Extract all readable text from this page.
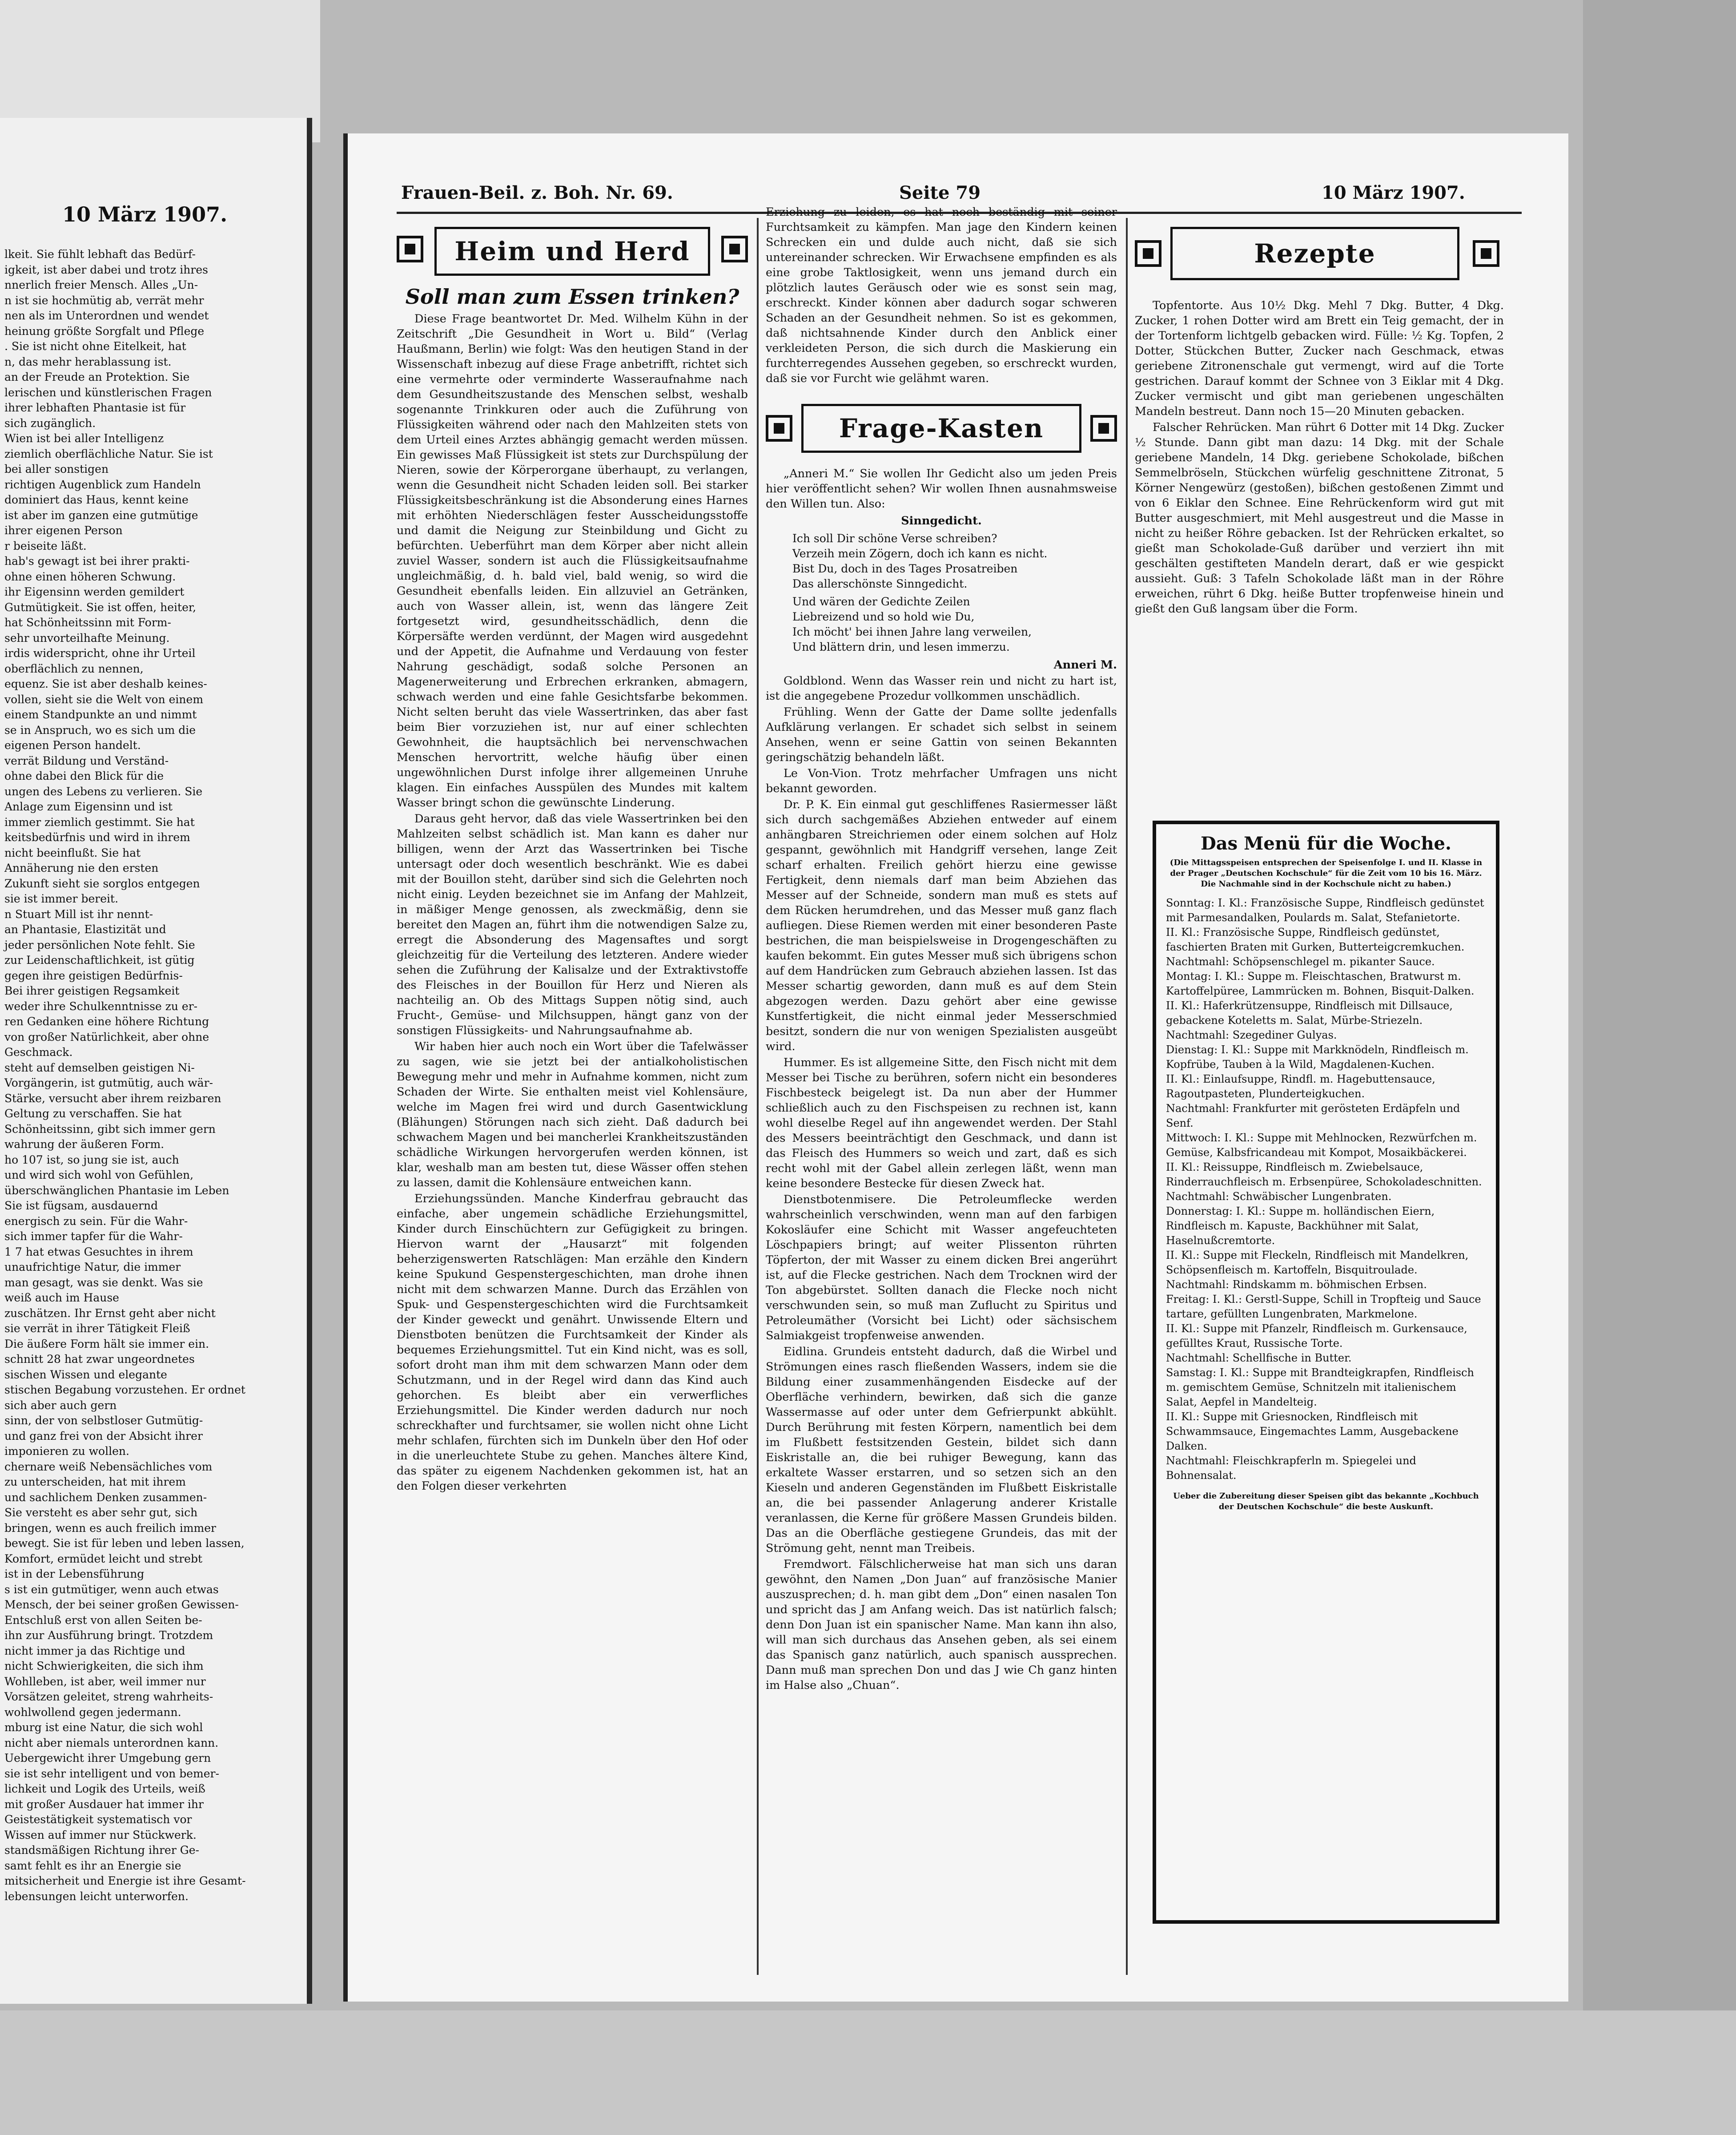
10 März 1907.
lkeit. Sie fühlt lebhaft das Bedürf-
igkeit, ist aber dabei und trotz ihres
nnerlich freier Mensch. Alles „Un-
n ist sie hochmütig ab, verrät mehr
nen als im Unterordnen und wendet
heinung größte Sorgfalt und Pflege
. Sie ist nicht ohne Eitelkeit, hat
n, das mehr herablassung ist.
an der Freude an Protektion. Sie
lerischen und künstlerischen Fragen
ihrer lebhaften Phantasie ist für
sich zugänglich.
Wien ist bei aller Intelligenz
ziemlich oberflächliche Natur. Sie ist
bei aller sonstigen
richtigen Augenblick zum Handeln
dominiert das Haus, kennt keine
ist aber im ganzen eine gutmütige
ihrer eigenen Person
r beiseite läßt.
hab's gewagt ist bei ihrer prakti-
ohne einen höheren Schwung.
ihr Eigensinn werden gemildert
Gutmütigkeit. Sie ist offen, heiter,
hat Schönheitssinn mit Form-
sehr unvorteilhafte Meinung.
irdis widerspricht, ohne ihr Urteil
oberflächlich zu nennen,
equenz. Sie ist aber deshalb keines-
vollen, sieht sie die Welt von einem
einem Standpunkte an und nimmt
se in Anspruch, wo es sich um die
eigenen Person handelt.
verrät Bildung und Verständ-
ohne dabei den Blick für die
ungen des Lebens zu verlieren. Sie
Anlage zum Eigensinn und ist
immer ziemlich gestimmt. Sie hat
keitsbedürfnis und wird in ihrem
nicht beeinflußt. Sie hat
Annäherung nie den ersten
Zukunft sieht sie sorglos entgegen
sie ist immer bereit.
n Stuart Mill ist ihr nennt-
an Phantasie, Elastizität und
jeder persönlichen Note fehlt. Sie
zur Leidenschaftlichkeit, ist gütig
gegen ihre geistigen Bedürfnis-
Bei ihrer geistigen Regsamkeit
weder ihre Schulkenntnisse zu er-
ren Gedanken eine höhere Richtung
von großer Natürlichkeit, aber ohne
Geschmack.
steht auf demselben geistigen Ni-
Vorgängerin, ist gutmütig, auch wär-
Stärke, versucht aber ihrem reizbaren
Geltung zu verschaffen. Sie hat
Schönheitssinn, gibt sich immer gern
wahrung der äußeren Form.
ho 107 ist, so jung sie ist, auch
und wird sich wohl von Gefühlen,
überschwänglichen Phantasie im Leben
Sie ist fügsam, ausdauernd
energisch zu sein. Für die Wahr-
sich immer tapfer für die Wahr-
1 7 hat etwas Gesuchtes in ihrem
unaufrichtige Natur, die immer
man gesagt, was sie denkt. Was sie
weiß auch im Hause
zuschätzen. Ihr Ernst geht aber nicht
sie verrät in ihrer Tätigkeit Fleiß
Die äußere Form hält sie immer ein.
schnitt 28 hat zwar ungeordnetes
sischen Wissen und elegante
stischen Begabung vorzustehen. Er ordnet
sich aber auch gern
sinn, der von selbstloser Gutmütig-
und ganz frei von der Absicht ihrer
imponieren zu wollen.
chernare weiß Nebensächliches vom
zu unterscheiden, hat mit ihrem
und sachlichem Denken zusammen-
Sie versteht es aber sehr gut, sich
bringen, wenn es auch freilich immer
bewegt. Sie ist für leben und leben lassen,
Komfort, ermüdet leicht und strebt
ist in der Lebensführung
s ist ein gutmütiger, wenn auch etwas
Mensch, der bei seiner großen Gewissen-
Entschluß erst von allen Seiten be-
ihn zur Ausführung bringt. Trotzdem
nicht immer ja das Richtige und
nicht Schwierigkeiten, die sich ihm
Wohlleben, ist aber, weil immer nur
Vorsätzen geleitet, streng wahrheits-
wohlwollend gegen jedermann.
mburg ist eine Natur, die sich wohl
nicht aber niemals unterordnen kann.
Uebergewicht ihrer Umgebung gern
sie ist sehr intelligent und von bemer-
lichkeit und Logik des Urteils, weiß
mit großer Ausdauer hat immer ihr
Geistestätigkeit systematisch vor
Wissen auf immer nur Stückwerk.
standsmäßigen Richtung ihrer Ge-
samt fehlt es ihr an Energie sie
mitsicherheit und Energie ist ihre Gesamt-
lebensungen leicht unterworfen.
Frauen-Beil. z. Boh. Nr. 69.	Seite 79	10 März 1907.
Heim und Herd
Soll man zum Essen trinken?

Diese Frage beantwortet Dr. Med. Wilhelm Kühn in der Zeitschrift „Die Gesundheit in Wort u. Bild“ (Verlag Haußmann, Berlin) wie folgt: Was den heutigen Stand in der Wissenschaft inbezug auf diese Frage anbetrifft, richtet sich eine vermehrte oder verminderte Wasseraufnahme nach dem Gesundheitszustande des Menschen selbst, weshalb sogenannte Trinkkuren oder auch die Zuführung von Flüssigkeiten während oder nach den Mahlzeiten stets von dem Urteil eines Arztes abhängig gemacht werden müssen. Ein gewisses Maß Flüssigkeit ist stets zur Durchspülung der Nieren, sowie der Körperorgane überhaupt, zu verlangen, wenn die Gesundheit nicht Schaden leiden soll. Bei starker Flüssigkeitsbeschränkung ist die Absonderung eines Harnes mit erhöhten Niederschlägen fester Ausscheidungsstoffe und damit die Neigung zur Steinbildung und Gicht zu befürchten. Ueberführt man dem Körper aber nicht allein zuviel Wasser, sondern ist auch die Flüssigkeitsaufnahme ungleichmäßig, d. h. bald viel, bald wenig, so wird die Gesundheit ebenfalls leiden. Ein allzuviel an Getränken, auch von Wasser allein, ist, wenn das längere Zeit fortgesetzt wird, gesundheitsschädlich, denn die Körpersäfte werden verdünnt, der Magen wird ausgedehnt und der Appetit, die Aufnahme und Verdauung von fester Nahrung geschädigt, sodaß solche Personen an Magenerweiterung und Erbrechen erkranken, abmagern, schwach werden und eine fahle Gesichtsfarbe bekommen. Nicht selten beruht das viele Wassertrinken, das aber fast beim Bier vorzuziehen ist, nur auf einer schlechten Gewohnheit, die hauptsächlich bei nervenschwachen Menschen hervortritt, welche häufig über einen ungewöhnlichen Durst infolge ihrer allgemeinen Unruhe klagen. Ein einfaches Ausspülen des Mundes mit kaltem Wasser bringt schon die gewünschte Linderung.

Daraus geht hervor, daß das viele Wassertrinken bei den Mahlzeiten selbst schädlich ist. Man kann es daher nur billigen, wenn der Arzt das Wassertrinken bei Tische untersagt oder doch wesentlich beschränkt. Wie es dabei mit der Bouillon steht, darüber sind sich die Gelehrten noch nicht einig. Leyden bezeichnet sie im Anfang der Mahlzeit, in mäßiger Menge genossen, als zweckmäßig, denn sie bereitet den Magen an, führt ihm die notwendigen Salze zu, erregt die Absonderung des Magensaftes und sorgt gleichzeitig für die Verteilung des letzteren. Andere wieder sehen die Zuführung der Kalisalze und der Extraktivstoffe des Fleisches in der Bouillon für Herz und Nieren als nachteilig an. Ob des Mittags Suppen nötig sind, auch Frucht-, Gemüse- und Milchsuppen, hängt ganz von der sonstigen Flüssigkeits- und Nahrungsaufnahme ab.

Wir haben hier auch noch ein Wort über die Tafelwässer zu sagen, wie sie jetzt bei der antialkoholistischen Bewegung mehr und mehr in Aufnahme kommen, nicht zum Schaden der Wirte. Sie enthalten meist viel Kohlensäure, welche im Magen frei wird und durch Gasentwicklung (Blähungen) Störungen nach sich zieht. Daß dadurch bei schwachem Magen und bei mancherlei Krankheitszuständen schädliche Wirkungen hervorgerufen werden können, ist klar, weshalb man am besten tut, diese Wässer offen stehen zu lassen, damit die Kohlensäure entweichen kann.

Erziehungssünden. Manche Kinderfrau gebraucht das einfache, aber ungemein schädliche Erziehungsmittel, Kinder durch Einschüchtern zur Gefügigkeit zu bringen. Hiervon warnt der „Hausarzt“ mit folgenden beherzigenswerten Ratschlägen: Man erzähle den Kindern keine Spukund Gespenstergeschichten, man drohe ihnen nicht mit dem schwarzen Manne. Durch das Erzählen von Spuk- und Gespenstergeschichten wird die Furchtsamkeit der Kinder geweckt und genährt. Unwissende Eltern und Dienstboten benützen die Furchtsamkeit der Kinder als bequemes Erziehungsmittel. Tut ein Kind nicht, was es soll, sofort droht man ihm mit dem schwarzen Mann oder dem Schutzmann, und in der Regel wird dann das Kind auch gehorchen. Es bleibt aber ein verwerfliches Erziehungsmittel. Die Kinder werden dadurch nur noch schreckhafter und furchtsamer, sie wollen nicht ohne Licht mehr schlafen, fürchten sich im Dunkeln über den Hof oder in die unerleuchtete Stube zu gehen. Manches ältere Kind, das später zu eigenem Nachdenken gekommen ist, hat an den Folgen dieser verkehrten

Erziehung zu leiden, es hat noch beständig mit seiner Furchtsamkeit zu kämpfen. Man jage den Kindern keinen Schrecken ein und dulde auch nicht, daß sie sich untereinander schrecken. Wir Erwachsene empfinden es als eine grobe Taktlosigkeit, wenn uns jemand durch ein plötzlich lautes Geräusch oder wie es sonst sein mag, erschreckt. Kinder können aber dadurch sogar schweren Schaden an der Gesundheit nehmen. So ist es gekommen, daß nichtsahnende Kinder durch den Anblick einer verkleideten Person, die sich durch die Maskierung ein furchterregendes Aussehen gegeben, so erschreckt wurden, daß sie vor Furcht wie gelähmt waren.

Frage-Kasten

„Anneri M.“ Sie wollen Ihr Gedicht also um jeden Preis hier veröffentlicht sehen? Wir wollen Ihnen ausnahmsweise den Willen tun. Also:

Sinngedicht.
Ich soll Dir schöne Verse schreiben?
Verzeih mein Zögern, doch ich kann es nicht.
Bist Du, doch in des Tages Prosatreiben
Das allerschönste Sinngedicht.
Und wären der Gedichte Zeilen
Liebreizend und so hold wie Du,
Ich möcht' bei ihnen Jahre lang verweilen,
Und blättern drin, und lesen immerzu.

Anneri M.

Goldblond. Wenn das Wasser rein und nicht zu hart ist, ist die angegebene Prozedur vollkommen unschädlich.

Frühling. Wenn der Gatte der Dame sollte jedenfalls Aufklärung verlangen. Er schadet sich selbst in seinem Ansehen, wenn er seine Gattin von seinen Bekannten geringschätzig behandeln läßt.

Le Von-Vion. Trotz mehrfacher Umfragen uns nicht bekannt geworden.

Dr. P. K. Ein einmal gut geschliffenes Rasiermesser läßt sich durch sachgemäßes Abziehen entweder auf einem anhängbaren Streichriemen oder einem solchen auf Holz gespannt, gewöhnlich mit Handgriff versehen, lange Zeit scharf erhalten. Freilich gehört hierzu eine gewisse Fertigkeit, denn niemals darf man beim Abziehen das Messer auf der Schneide, sondern man muß es stets auf dem Rücken herumdrehen, und das Messer muß ganz flach aufliegen. Diese Riemen werden mit einer besonderen Paste bestrichen, die man beispielsweise in Drogengeschäften zu kaufen bekommt. Ein gutes Messer muß sich übrigens schon auf dem Handrücken zum Gebrauch abziehen lassen. Ist das Messer schartig geworden, dann muß es auf dem Stein abgezogen werden. Dazu gehört aber eine gewisse Kunstfertigkeit, die nicht einmal jeder Messerschmied besitzt, sondern die nur von wenigen Spezialisten ausgeübt wird.

Hummer. Es ist allgemeine Sitte, den Fisch nicht mit dem Messer bei Tische zu berühren, sofern nicht ein besonderes Fischbesteck beigelegt ist. Da nun aber der Hummer schließlich auch zu den Fischspeisen zu rechnen ist, kann wohl dieselbe Regel auf ihn angewendet werden. Der Stahl des Messers beeinträchtigt den Geschmack, und dann ist das Fleisch des Hummers so weich und zart, daß es sich recht wohl mit der Gabel allein zerlegen läßt, wenn man keine besondere Bestecke für diesen Zweck hat.

Dienstbotenmisere. Die Petroleumflecke werden wahrscheinlich verschwinden, wenn man auf den farbigen Kokosläufer eine Schicht mit Wasser angefeuchteten Löschpapiers bringt; auf weiter Plissenton rührten Töpferton, der mit Wasser zu einem dicken Brei angerührt ist, auf die Flecke gestrichen. Nach dem Trocknen wird der Ton abgebürstet. Sollten danach die Flecke noch nicht verschwunden sein, so muß man Zuflucht zu Spiritus und Petroleumäther (Vorsicht bei Licht) oder sächsischem Salmiakgeist tropfenweise anwenden.

Eidlina. Grundeis entsteht dadurch, daß die Wirbel und Strömungen eines rasch fließenden Wassers, indem sie die Bildung einer zusammenhängenden Eisdecke auf der Oberfläche verhindern, bewirken, daß sich die ganze Wassermasse auf oder unter dem Gefrierpunkt abkühlt. Durch Berührung mit festen Körpern, namentlich bei dem im Flußbett festsitzenden Gestein, bildet sich dann Eiskristalle an, die bei ruhiger Bewegung, kann das erkaltete Wasser erstarren, und so setzen sich an den Kieseln und anderen Gegenständen im Flußbett Eiskristalle an, die bei passender Anlagerung anderer Kristalle veranlassen, die Kerne für größere Massen Grundeis bilden. Das an die Oberfläche gestiegene Grundeis, das mit der Strömung geht, nennt man Treibeis.

Fremdwort. Fälschlicherweise hat man sich uns daran gewöhnt, den Namen „Don Juan“ auf französische Manier auszusprechen; d. h. man gibt dem „Don“ einen nasalen Ton und spricht das J am Anfang weich. Das ist natürlich falsch; denn Don Juan ist ein spanischer Name. Man kann ihn also, will man sich durchaus das Ansehen geben, als sei einem das Spanisch ganz natürlich, auch spanisch aussprechen. Dann muß man sprechen Don und das J wie Ch ganz hinten im Halse also „Chuan“.

Rezepte

Topfentorte. Aus 10½ Dkg. Mehl 7 Dkg. Butter, 4 Dkg. Zucker, 1 rohen Dotter wird am Brett ein Teig gemacht, der in der Tortenform lichtgelb gebacken wird. Fülle: ½ Kg. Topfen, 2 Dotter, Stückchen Butter, Zucker nach Geschmack, etwas geriebene Zitronenschale gut vermengt, wird auf die Torte gestrichen. Darauf kommt der Schnee von 3 Eiklar mit 4 Dkg. Zucker vermischt und gibt man geriebenen ungeschälten Mandeln bestreut. Dann noch 15—20 Minuten gebacken.

Falscher Rehrücken. Man rührt 6 Dotter mit 14 Dkg. Zucker ½ Stunde. Dann gibt man dazu: 14 Dkg. mit der Schale geriebene Mandeln, 14 Dkg. geriebene Schokolade, bißchen Semmelbröseln, Stückchen würfelig geschnittene Zitronat, 5 Körner Nengewürz (gestoßen), bißchen gestoßenen Zimmt und von 6 Eiklar den Schnee. Eine Rehrückenform wird gut mit Butter ausgeschmiert, mit Mehl ausgestreut und die Masse in nicht zu heißer Röhre gebacken. Ist der Rehrücken erkaltet, so gießt man Schokolade-Guß darüber und verziert ihn mit geschälten gestifteten Mandeln derart, daß er wie gespickt aussieht. Guß: 3 Tafeln Schokolade läßt man in der Röhre erweichen, rührt 6 Dkg. heiße Butter tropfenweise hinein und gießt den Guß langsam über die Form.

Das Menü für die Woche.
(Die Mittagsspeisen entsprechen der Speisenfolge I. und II. Klasse in der Prager „Deutschen Kochschule“ für die Zeit vom 10 bis 16. März. Die Nachmahle sind in der Kochschule nicht zu haben.)

Sonntag: I. Kl.: Französische Suppe, Rindfleisch gedünstet mit Parmesandalken, Poulards m. Salat, Stefanietorte.

II. Kl.: Französische Suppe, Rindfleisch gedünstet, faschierten Braten mit Gurken, Butterteigcremkuchen.

Nachtmahl: Schöpsenschlegel m. pikanter Sauce.

Montag: I. Kl.: Suppe m. Fleischtaschen, Bratwurst m. Kartoffelpüree, Lammrücken m. Bohnen, Bisquit-Dalken.

II. Kl.: Haferkrützensuppe, Rindfleisch mit Dillsauce, gebackene Koteletts m. Salat, Mürbe-Striezeln.

Nachtmahl: Szegediner Gulyas.

Dienstag: I. Kl.: Suppe mit Markknödeln, Rindfleisch m. Kopfrübe, Tauben à la Wild, Magdalenen-Kuchen.

II. Kl.: Einlaufsuppe, Rindfl. m. Hagebuttensauce, Ragoutpasteten, Plunderteigkuchen.

Nachtmahl: Frankfurter mit gerösteten Erdäpfeln und Senf.

Mittwoch: I. Kl.: Suppe mit Mehlnocken, Rezwürfchen m. Gemüse, Kalbsfricandeau mit Kompot, Mosaikbäckerei.

II. Kl.: Reissuppe, Rindfleisch m. Zwiebelsauce, Rinderrauchfleisch m. Erbsenpüree, Schokoladeschnitten.

Nachtmahl: Schwäbischer Lungenbraten.

Donnerstag: I. Kl.: Suppe m. holländischen Eiern, Rindfleisch m. Kapuste, Backhühner mit Salat, Haselnußcremtorte.

II. Kl.: Suppe mit Fleckeln, Rindfleisch mit Mandelkren, Schöpsenfleisch m. Kartoffeln, Bisquitroulade.

Nachtmahl: Rindskamm m. böhmischen Erbsen.

Freitag: I. Kl.: Gerstl-Suppe, Schill in Tropfteig und Sauce tartare, gefüllten Lungenbraten, Markmelone.

II. Kl.: Suppe mit Pfanzelr, Rindfleisch m. Gurkensauce, gefülltes Kraut, Russische Torte.

Nachtmahl: Schellfische in Butter.

Samstag: I. Kl.: Suppe mit Brandteigkrapfen, Rindfleisch m. gemischtem Gemüse, Schnitzeln mit italienischem Salat, Aepfel in Mandelteig.

II. Kl.: Suppe mit Griesnocken, Rindfleisch mit Schwammsauce, Eingemachtes Lamm, Ausgebackene Dalken.

Nachtmahl: Fleischkrapferln m. Spiegelei und Bohnensalat.

Ueber die Zubereitung dieser Speisen gibt das bekannte „Kochbuch der Deutschen Kochschule“ die beste Auskunft.
